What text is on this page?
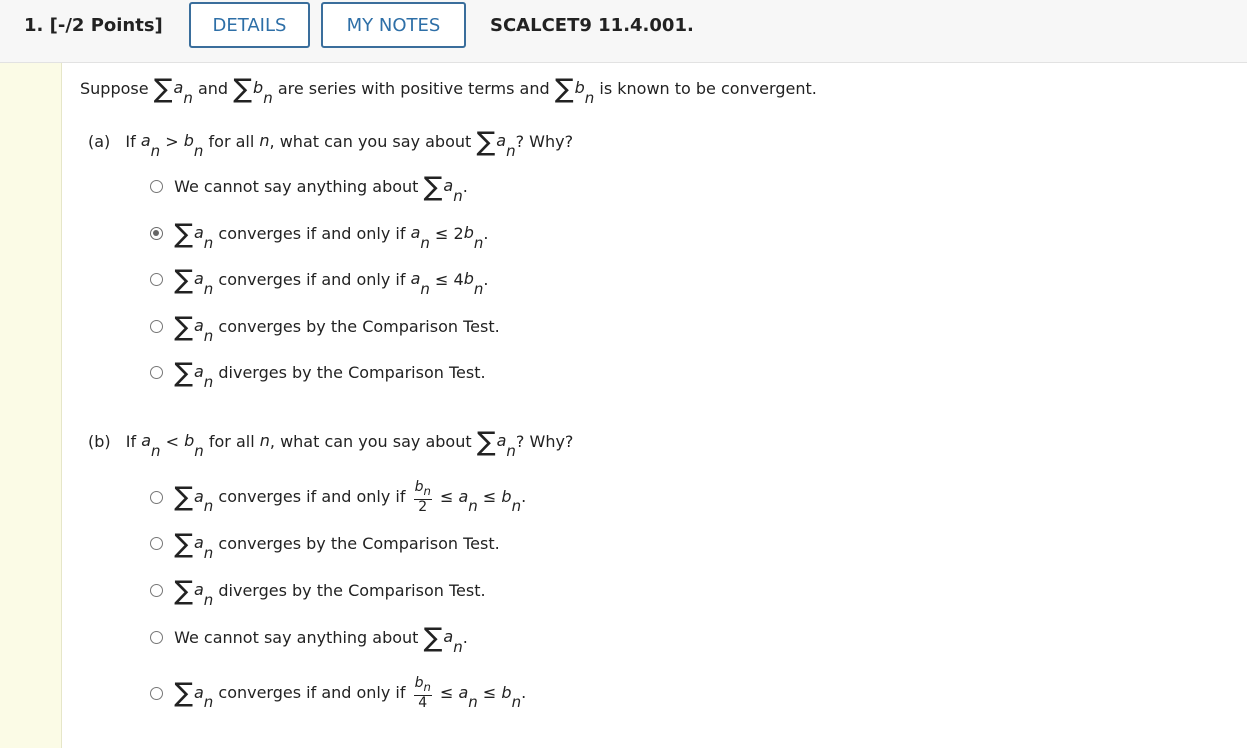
1. [-/2 Points]	DETAILS	MY NOTES	SCALCET9 11.4.001.
Suppose ∑an and ∑bn are series with positive terms and ∑bn is known to be convergent.
(a) If an > bn for all n, what can you say about ∑an? Why?
We cannot say anything about ∑an.
∑an converges if and only if an ≤ 2bn.
∑an converges if and only if an ≤ 4bn.
∑an converges by the Comparison Test.
∑an diverges by the Comparison Test.
(b) If an < bn for all n, what can you say about ∑an? Why?
∑an converges if and only if $\frac{b_n}{2}$ ≤ an ≤ bn.
∑an converges by the Comparison Test.
∑an diverges by the Comparison Test.
We cannot say anything about ∑an.
∑an converges if and only if $\frac{b_n}{4}$ ≤ an ≤ bn.
